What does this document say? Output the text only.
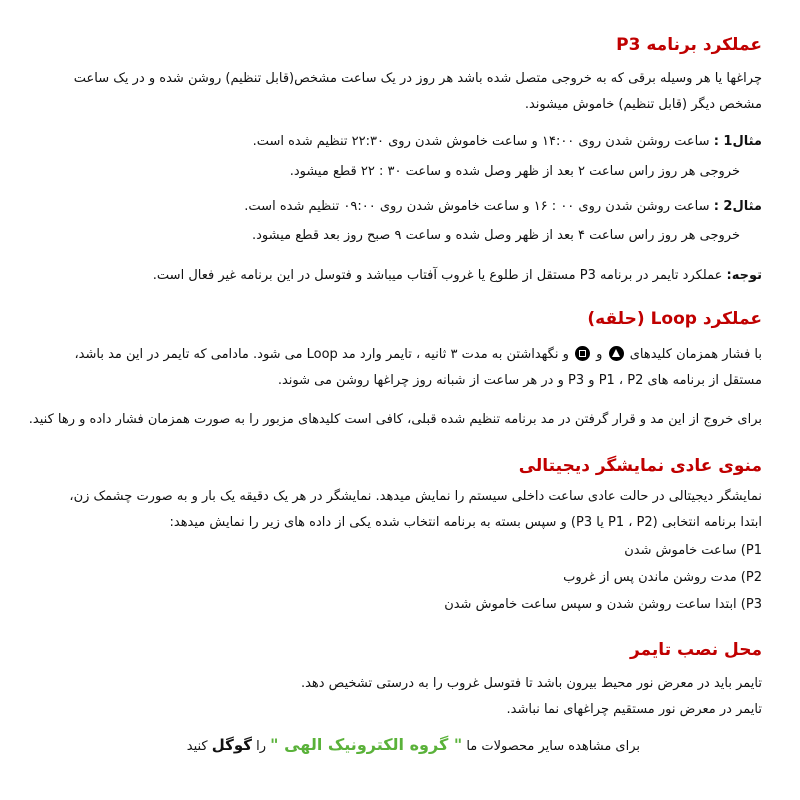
عملکرد برنامه P3
چراغها یا هر وسیله برقی که به خروجی متصل شده باشد هر روز در یک ساعت مشخص(قابل تنظیم) روشن شده و در یک ساعت
مشخص دیگر (قابل تنظیم) خاموش میشوند.
مثال1 : ساعت روشن شدن روی ۱۴:۰۰ و ساعت خاموش شدن روی ۲۲:۳۰ تنظیم شده است.
خروجی هر روز راس ساعت ۲ بعد از ظهر وصل شده و ساعت ۳۰ : ۲۲ قطع میشود.
مثال2 : ساعت روشن شدن روی ۰۰ : ۱۶ و ساعت خاموش شدن روی ۰۹:۰۰ تنظیم شده است.
خروجی هر روز راس ساعت ۴ بعد از ظهر وصل شده و ساعت ۹ صبح روز بعد قطع میشود.
توجه: عملکرد تایمر در برنامه P3 مستقل از طلوع یا غروب آفتاب میباشد و فتوسل در این برنامه غیر فعال است.
عملکرد Loop (حلقه)
با فشار همزمان کلیدهای  و  و نگهداشتن به مدت ۳ ثانیه ، تایمر وارد مد Loop می شود. مادامی که تایمر در این مد باشد،
مستقل از برنامه های P1 ، P2 و P3 و در هر ساعت از شبانه روز چراغها روشن می شوند.
برای خروج از این مد و قرار گرفتن در مد برنامه تنظیم شده قبلی، کافی است کلیدهای مزبور را به صورت همزمان فشار داده و رها کنید.
منوی عادی نمایشگر دیجیتالی
نمایشگر دیجیتالی در حالت عادی ساعت داخلی سیستم را نمایش میدهد. نمایشگر در هر یک دقیقه یک بار و به صورت چشمک زن،
ابتدا برنامه انتخابی (P1 ، P2 یا P3) و سپس بسته به برنامه انتخاب شده یکی از داده های زیر را نمایش میدهد:
P1) ساعت خاموش شدن
P2) مدت روشن ماندن پس از غروب
P3) ابتدا ساعت روشن شدن و سپس ساعت خاموش شدن
محل نصب تایمر
تایمر باید در معرض نور محیط بیرون باشد تا فتوسل غروب را به درستی تشخیص دهد.
تایمر در معرض نور مستقیم چراغهای نما نباشد.
برای مشاهده سایر محصولات ما " گروه الکترونیک الهی " را گوگل کنید
